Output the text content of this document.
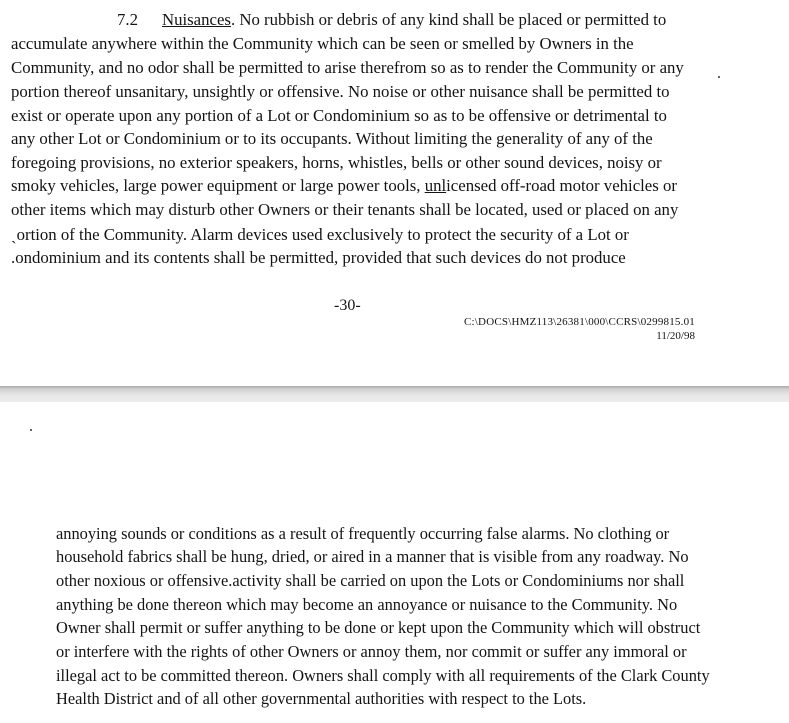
7.2 Nuisances. No rubbish or debris of any kind shall be placed or permitted to
accumulate anywhere within the Community which can be seen or smelled by Owners in the
Community, and no odor shall be permitted to arise therefrom so as to render the Community or any
portion thereof unsanitary, unsightly or offensive. No noise or other nuisance shall be permitted to
exist or operate upon any portion of a Lot or Condominium so as to be offensive or detrimental to
any other Lot or Condominium or to its occupants. Without limiting the generality of any of the
foregoing provisions, no exterior speakers, horns, whistles, bells or other sound devices, noisy or
smoky vehicles, large power equipment or large power tools, unlicensed off-road motor vehicles or
other items which may disturb other Owners or their tenants shall be located, used or placed on any
ˎortion of the Community. Alarm devices used exclusively to protect the security of a Lot or
.ondominium and its contents shall be permitted, provided that such devices do not produce
-30-
C:\DOCS\HMZ113\26381\000\CCRS\0299815.01
11/20/98
annoying sounds or conditions as a result of frequently occurring false alarms. No clothing or
household fabrics shall be hung, dried, or aired in a manner that is visible from any roadway. No
other noxious or offensive.activity shall be carried on upon the Lots or Condominiums nor shall
anything be done thereon which may become an annoyance or nuisance to the Community. No
Owner shall permit or suffer anything to be done or kept upon the Community which will obstruct
or interfere with the rights of other Owners or annoy them, nor commit or suffer any immoral or
illegal act to be committed thereon. Owners shall comply with all requirements of the Clark County
Health District and of all other governmental authorities with respect to the Lots.
